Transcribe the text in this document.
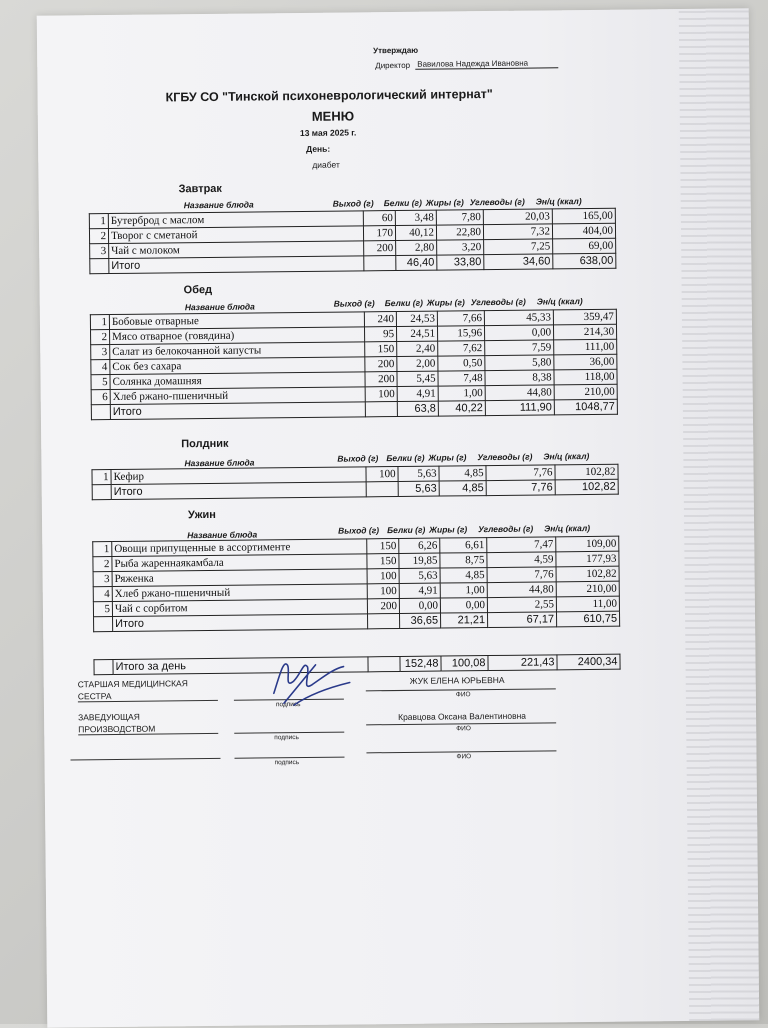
Утверждаю
Директор Вавилова Надежда Ивановна
КГБУ СО "Тинской психоневрологический интернат"
МЕНЮ
13 мая 2025 г.
День:
диабет
Завтрак
Название блюда	Выход (г) Белки (г) Жиры (г) Углеводы (г) Эн/ц (ккал)
1	Бутерброд с маслом	60	3,48	7,80	20,03	165,00
2	Творог с сметаной	170	40,12	22,80	7,32	404,00
3	Чай с молоком	200	2,80	3,20	7,25	69,00
	Итого		46,40	33,80	34,60	638,00
Обед
Название блюда	Выход (г) Белки (г) Жиры (г) Углеводы (г) Эн/ц (ккал)
1	Бобовые отварные	240	24,53	7,66	45,33	359,47
2	Мясо отварное (говядина)	95	24,51	15,96	0,00	214,30
3	Салат из белокочанной капусты	150	2,40	7,62	7,59	111,00
4	Сок без сахара	200	2,00	0,50	5,80	36,00
5	Солянка домашняя	200	5,45	7,48	8,38	118,00
6	Хлеб ржано-пшеничный	100	4,91	1,00	44,80	210,00
	Итого		63,8	40,22	111,90	1048,77
Полдник
Название блюда	Выход (г) Белки (г) Жиры (г) Углеводы (г) Эн/ц (ккал)
1	Кефир	100	5,63	4,85	7,76	102,82
	Итого		5,63	4,85	7,76	102,82
Ужин
Название блюда	Выход (г) Белки (г) Жиры (г) Углеводы (г) Эн/ц (ккал)
1	Овощи припущенные в ассортименте	150	6,26	6,61	7,47	109,00
2	Рыба жареннаякамбала	150	19,85	8,75	4,59	177,93
3	Ряженка	100	5,63	4,85	7,76	102,82
4	Хлеб ржано-пшеничный	100	4,91	1,00	44,80	210,00
5	Чай с сорбитом	200	0,00	0,00	2,55	11,00
	Итого		36,65	21,21	67,17	610,75
	Итого за день		152,48	100,08	221,43	2400,34
СТАРШАЯ МЕДИЦИНСКАЯ
СЕСТРА
подпись
ЖУК ЕЛЕНА ЮРЬЕВНА
ФИО
ЗАВЕДУЮЩАЯ
ПРОИЗВОДСТВОМ
подпись
Кравцова Оксана Валентиновна
ФИО
подпись
ФИО
